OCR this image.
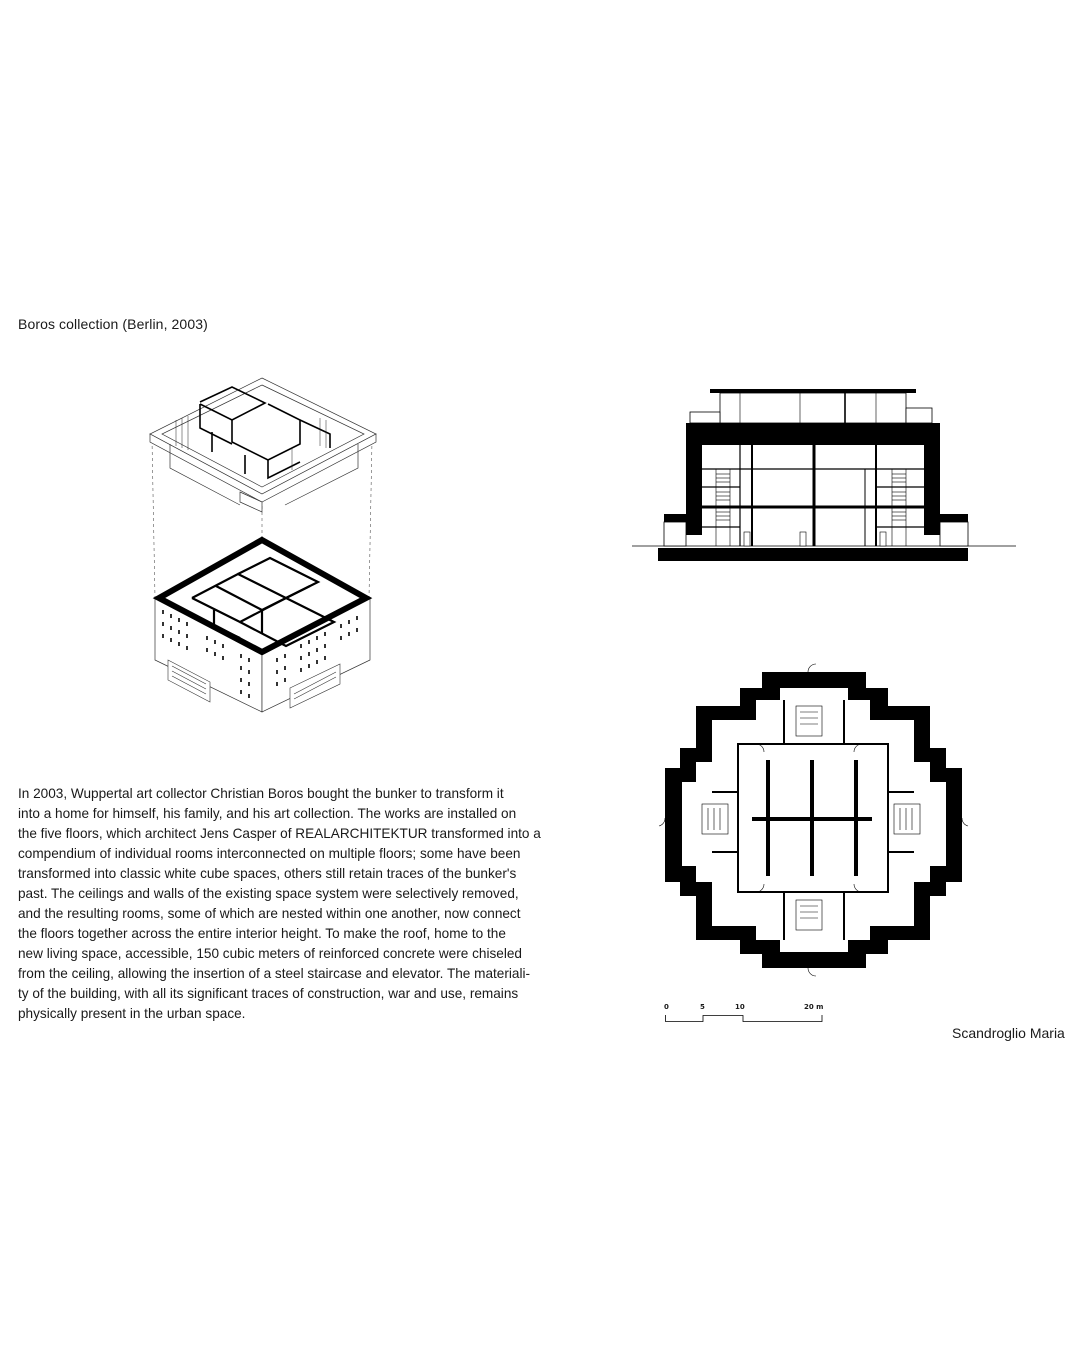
Boros collection (Berlin, 2003)
0	5	10	20 m
In 2003, Wuppertal art collector Christian Boros bought the bunker to transform it
into a home for himself, his family, and his art collection. The works are installed on
the five floors, which architect Jens Casper of REALARCHITEKTUR transformed into a
compendium of individual rooms interconnected on multiple floors; some have been
transformed into classic white cube spaces, others still retain traces of the bunker's
past. The ceilings and walls of the existing space system were selectively removed,
and the resulting rooms, some of which are nested within one another, now connect
the floors together across the entire interior height. To make the roof, home to the
new living space, accessible, 150 cubic meters of reinforced concrete were chiseled
from the ceiling, allowing the insertion of a steel staircase and elevator. The materiali-
ty of the building, with all its significant traces of construction, war and use, remains
physically present in the urban space.
Scandroglio Maria
